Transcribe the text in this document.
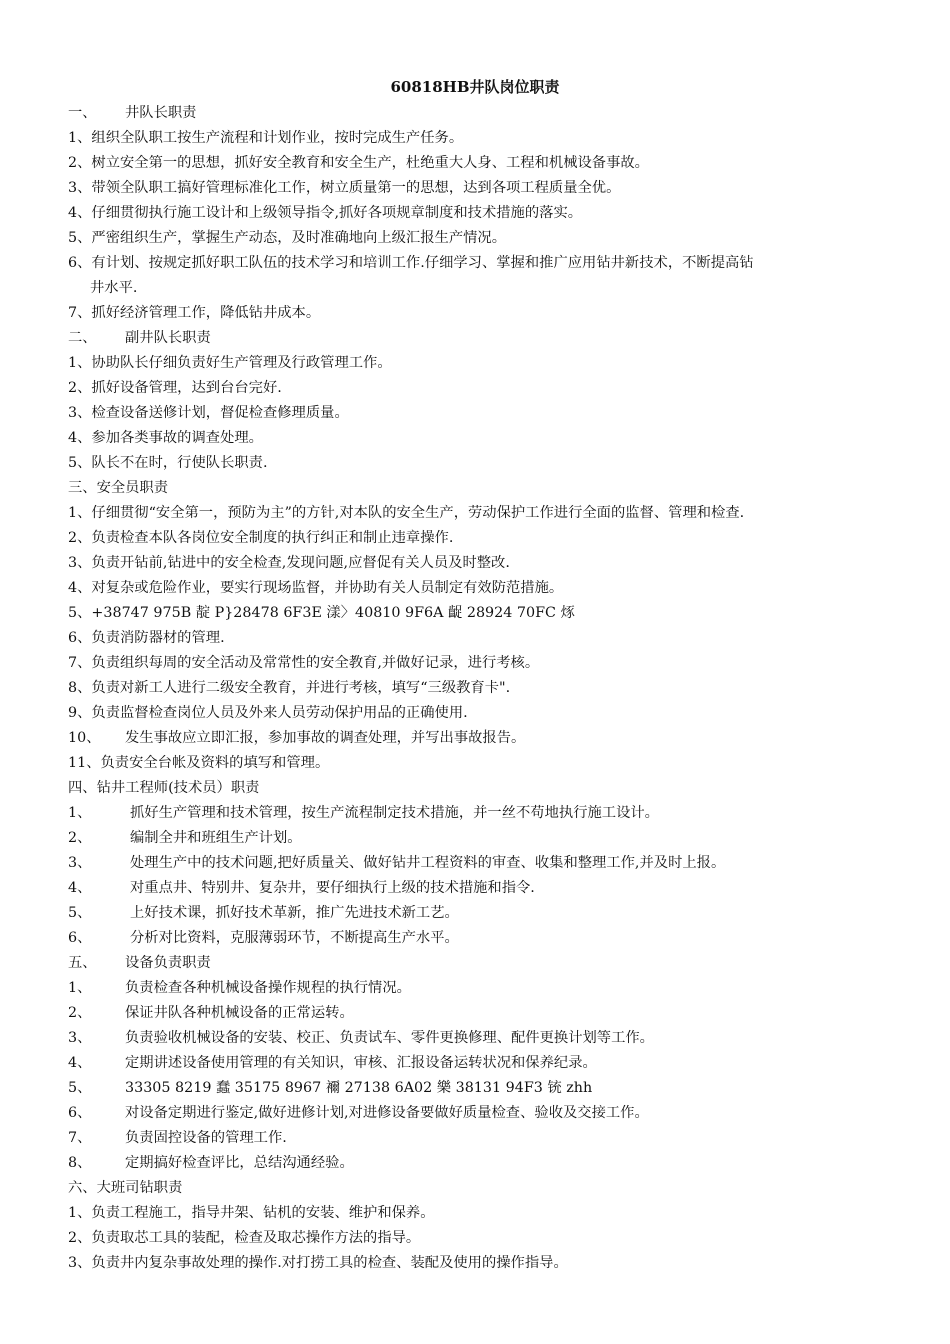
60818HB井队岗位职责
一、 井队长职责
1、组织全队职工按生产流程和计划作业，按时完成生产任务。
2、树立安全第一的思想，抓好安全教育和安全生产，杜绝重大人身、工程和机械设备事故。
3、带领全队职工搞好管理标准化工作，树立质量第一的思想，达到各项工程质量全优。
4、仔细贯彻执行施工设计和上级领导指令,抓好各项规章制度和技术措施的落实。
5、严密组织生产，掌握生产动态，及时准确地向上级汇报生产情况。
6、有计划、按规定抓好职工队伍的技术学习和培训工作.仔细学习、掌握和推广应用钻井新技术，不断提高钻
井水平.
7、抓好经济管理工作，降低钻井成本。
二、 副井队长职责
1、协助队长仔细负责好生产管理及行政管理工作。
2、抓好设备管理，达到台台完好.
3、检查设备送修计划，督促检查修理质量。
4、参加各类事故的调查处理。
5、队长不在时，行使队长职责.
三、安全员职责
1、仔细贯彻“安全第一，预防为主”的方针,对本队的安全生产，劳动保护工作进行全面的监督、管理和检查.
2、负责检查本队各岗位安全制度的执行纠正和制止违章操作.
3、负责开钻前,钻进中的安全检查,发现问题,应督促有关人员及时整改.
4、对复杂或危险作业，要实行现场监督，并协助有关人员制定有效防范措施。
5、+38747 975B 靛 P}28478 6F3E 漾〉40810 9F6A 齪 28924 70FC 烼
6、负责消防器材的管理.
7、负责组织每周的安全活动及常常性的安全教育,并做好记录，进行考核。
8、负责对新工人进行二级安全教育，并进行考核，填写“三级教育卡".
9、负责监督检查岗位人员及外来人员劳动保护用品的正确使用.
10、 发生事故应立即汇报，参加事故的调查处理，并写出事故报告。
11、负责安全台帐及资料的填写和管理。
四、钻井工程师(技术员）职责
1、	抓好生产管理和技术管理，按生产流程制定技术措施，并一丝不苟地执行施工设计。
2、	编制全井和班组生产计划。
3、	处理生产中的技术问题,把好质量关、做好钻井工程资料的审查、收集和整理工作,并及时上报。
4、	对重点井、特别井、复杂井，要仔细执行上级的技术措施和指令.
5、	上好技术课，抓好技术革新，推广先进技术新工艺。
6、	分析对比资料，克服薄弱环节，不断提高生产水平。
五、 设备负责职责
1、 负责检查各种机械设备操作规程的执行情况。
2、 保证井队各种机械设备的正常运转。
3、 负责验收机械设备的安装、校正、负责试车、零件更换修理、配件更换计划等工作。
4、 定期讲述设备使用管理的有关知识，审核、汇报设备运转状况和保养纪录。
5、 33305 8219 蠢 35175 8967 襧 27138 6A02 樂 38131 94F3 铳 zhh
6、 对设备定期进行鉴定,做好进修计划,对进修设备要做好质量检查、验收及交接工作。
7、 负责固控设备的管理工作.
8、 定期搞好检查评比，总结沟通经验。
六、大班司钻职责
1、负责工程施工，指导井架、钻机的安装、维护和保养。
2、负责取芯工具的装配，检查及取芯操作方法的指导。
3、负责井内复杂事故处理的操作.对打捞工具的检查、装配及使用的操作指导。
